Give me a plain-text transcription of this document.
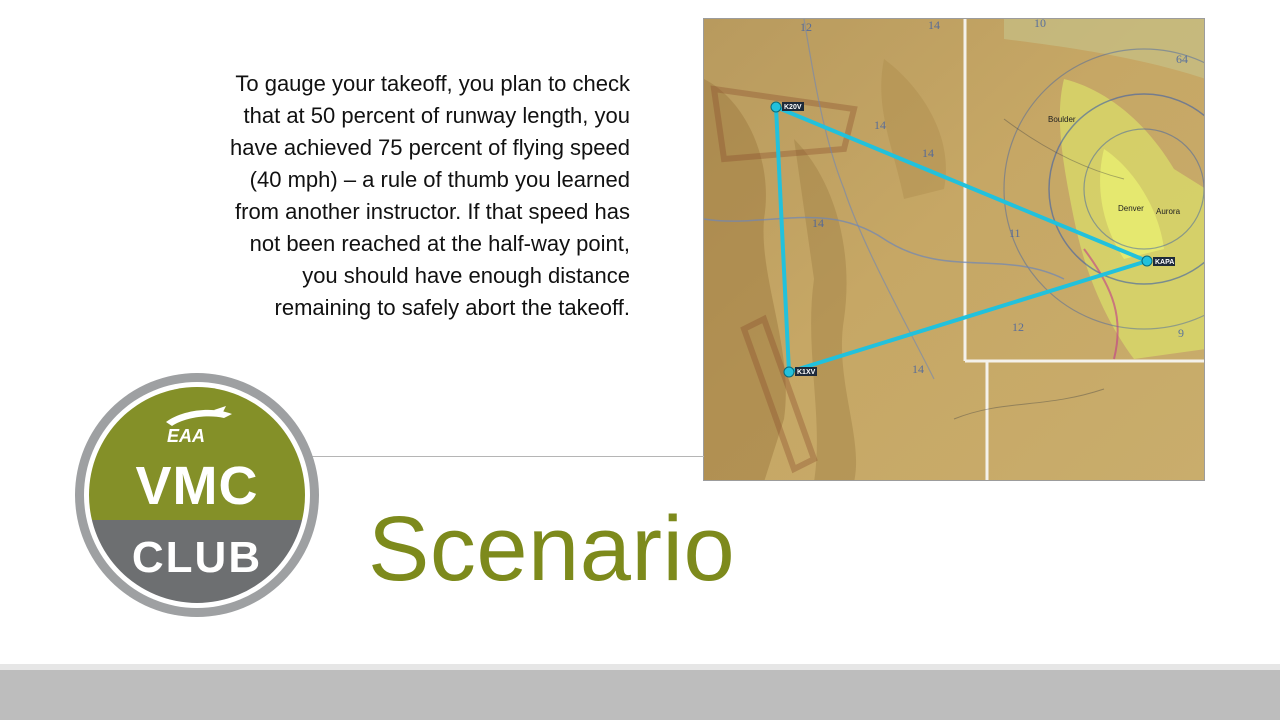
To gauge your takeoff, you plan to check
that at 50 percent of runway length, you
have achieved 75 percent of flying speed
(40 mph) – a rule of thumb you learned
from another instructor. If that speed has
not been reached at the half-way point,
you should have enough distance
remaining to safely abort the takeoff.
12	14	10
64
14
14
11
14
12
14
9
Boulder
Denver Aurora
K20V
KAPA
K1XV
EAA
VMC
CLUB Scenario
